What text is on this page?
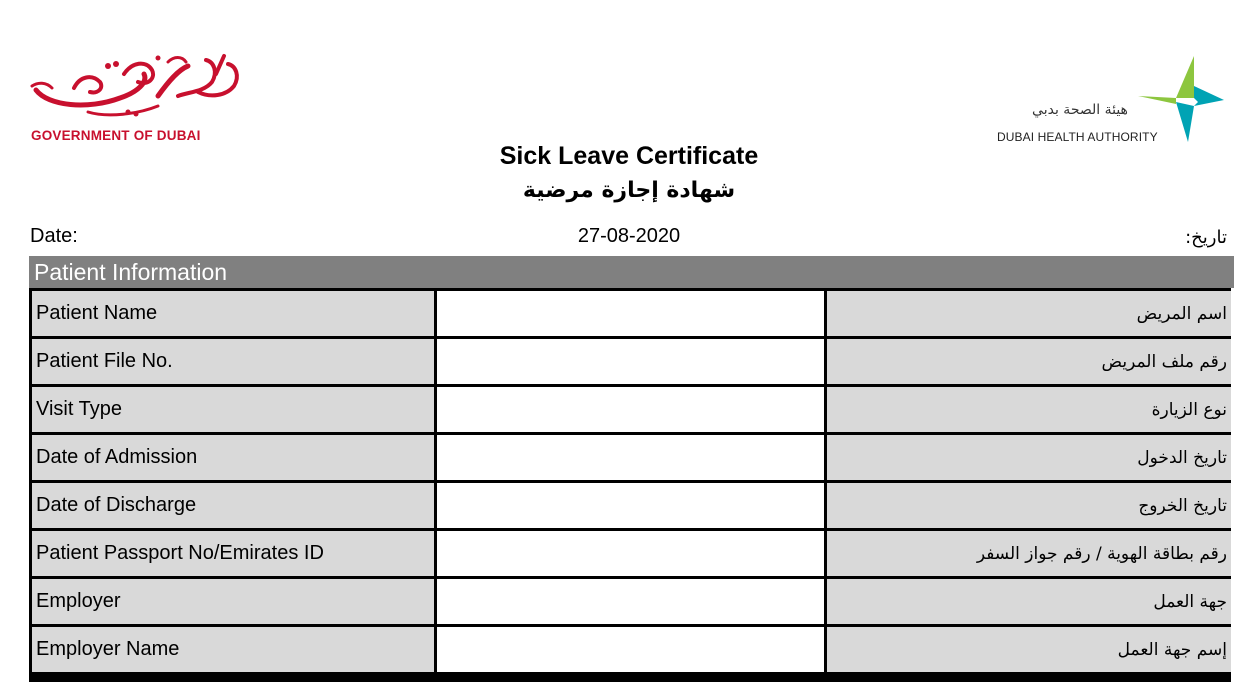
GOVERNMENT OF DUBAI
هيئة الصحة بدبي
DUBAI HEALTH AUTHORITY
Sick Leave Certificate
شهادة إجازة مرضية
Date:	27-08-2020	تاريخ:
Patient Information
Patient Name	اسم المريض
Patient File No.	رقم ملف المريض
Visit Type	نوع الزيارة
Date of Admission	تاريخ الدخول
Date of Discharge	تاريخ الخروج
Patient Passport No/Emirates ID	رقم بطاقة الهوية / رقم جواز السفر
Employer	جهة العمل
Employer Name	إسم جهة العمل
